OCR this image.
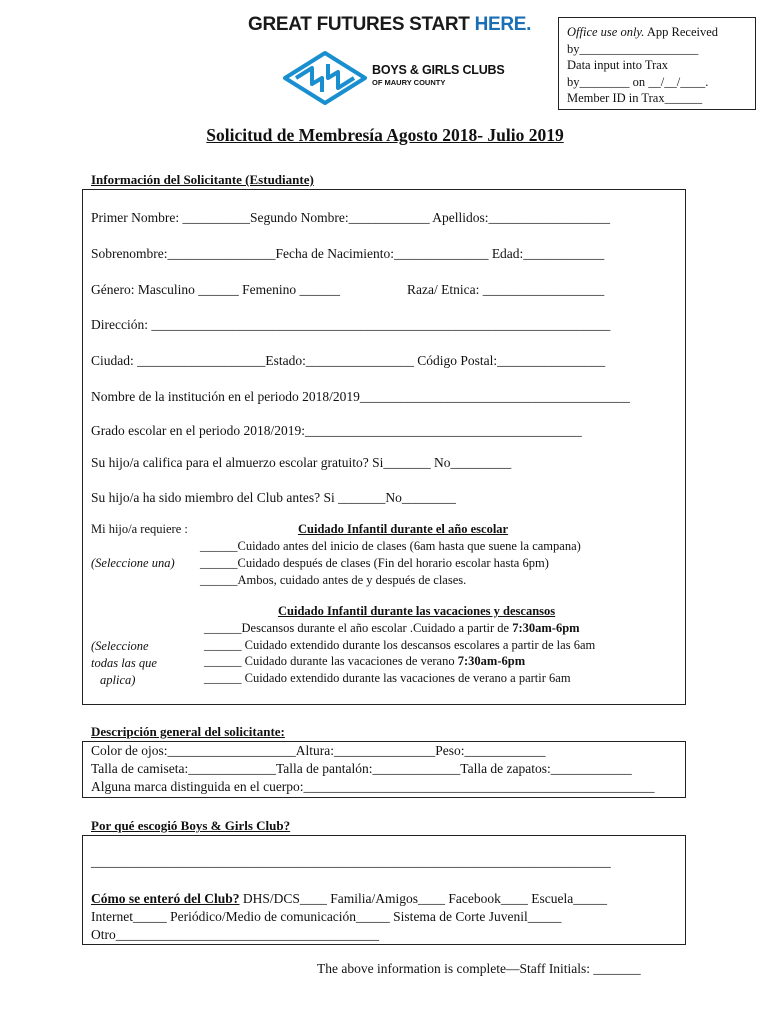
GREAT FUTURES START HERE.
BOYS & GIRLS CLUBS
OF MAURY COUNTY
Office use only. App Received
by___________________
Data input into Trax
by________ on __/__/____.
Member ID in Trax______
Solicitud de Membresía Agosto 2018- Julio 2019
Información del Solicitante (Estudiante)
Primer Nombre: __________Segundo Nombre:____________ Apellidos:__________________
Sobrenombre:________________Fecha de Nacimiento:______________ Edad:____________
Género: Masculino ______ Femenino ______	Raza/ Etnica: __________________
Dirección: ____________________________________________________________________
Ciudad: ___________________Estado:________________ Código Postal:________________
Nombre de la institución en el periodo 2018/2019________________________________________
Grado escolar en el periodo 2018/2019:_________________________________________
Su hijo/a califica para el almuerzo escolar gratuito? Si_______ No_________
Su hijo/a ha sido miembro del Club antes? Si _______No________
Mi hijo/a requiere :
(Seleccione una)
Cuidado Infantil durante el año escolar
______Cuidado antes del inicio de clases (6am hasta que suene la campana)
______Cuidado después de clases (Fin del horario escolar hasta 6pm)
______Ambos, cuidado antes de y después de clases.
Cuidado Infantil durante las vacaciones y descansos
(Seleccione
todas las que
aplica)
______Descansos durante el año escolar .Cuidado a partir de 7:30am-6pm
______ Cuidado extendido durante los descansos escolares a partir de las 6am
______ Cuidado durante las vacaciones de verano 7:30am-6pm
______ Cuidado extendido durante las vacaciones de verano a partir 6am
Descripción general del solicitante:
Color de ojos:___________________Altura:_______________Peso:____________
Talla de camiseta:_____________Talla de pantalón:_____________Talla de zapatos:____________
Alguna marca distinguida en el cuerpo:____________________________________________________
Por qué escogió Boys & Girls Club?
_____________________________________________________________________________
Cómo se enteró del Club? DHS/DCS____ Familia/Amigos____ Facebook____ Escuela_____
Internet_____ Periódico/Medio de comunicación_____ Sistema de Corte Juvenil_____
Otro_______________________________________
The above information is complete—Staff Initials: _______
